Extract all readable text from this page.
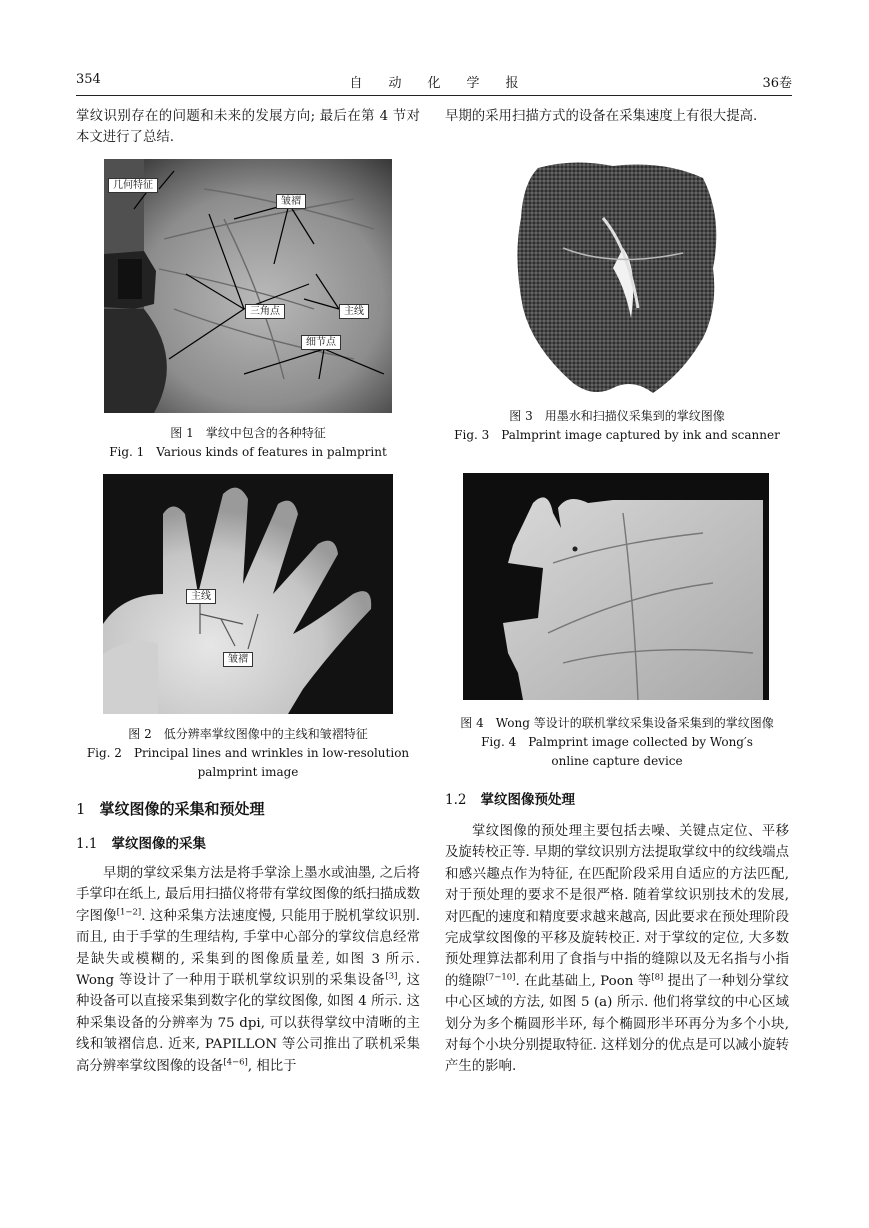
354	自动化学报	36卷

掌纹识别存在的问题和未来的发展方向; 最后在第 4 节对本文进行了总结.

几何特征
皱褶
三角点	主线
细节点
图 1　掌纹中包含的各种特征
Fig. 1　Various kinds of features in palmprint
主线
皱褶
图 2　低分辨率掌纹图像中的主线和皱褶特征
Fig. 2　Principal lines and wrinkles in low-resolution
palmprint image

1 掌纹图像的采集和预处理

1.1 掌纹图像的采集

早期的掌纹采集方法是将手掌涂上墨水或油墨, 之后将手掌印在纸上, 最后用扫描仪将带有掌纹图像的纸扫描成数字图像[1−2]. 这种采集方法速度慢, 只能用于脱机掌纹识别. 而且, 由于手掌的生理结构, 手掌中心部分的掌纹信息经常是缺失或模糊的, 采集到的图像质量差, 如图 3 所示. Wong 等设计了一种用于联机掌纹识别的采集设备[3], 这种设备可以直接采集到数字化的掌纹图像, 如图 4 所示. 这种采集设备的分辨率为 75 dpi, 可以获得掌纹中清晰的主线和皱褶信息. 近来, PAPILLON 等公司推出了联机采集高分辨率掌纹图像的设备[4−6], 相比于

早期的采用扫描方式的设备在采集速度上有很大提高.

图 3　用墨水和扫描仪采集到的掌纹图像
Fig. 3　Palmprint image captured by ink and scanner
图 4　Wong 等设计的联机掌纹采集设备采集到的掌纹图像
Fig. 4　Palmprint image collected by Wong′s
online capture device

1.2 掌纹图像预处理

掌纹图像的预处理主要包括去噪、关键点定位、平移及旋转校正等. 早期的掌纹识别方法提取掌纹中的纹线端点和感兴趣点作为特征, 在匹配阶段采用自适应的方法匹配, 对于预处理的要求不是很严格. 随着掌纹识别技术的发展, 对匹配的速度和精度要求越来越高, 因此要求在预处理阶段完成掌纹图像的平移及旋转校正. 对于掌纹的定位, 大多数预处理算法都利用了食指与中指的缝隙以及无名指与小指的缝隙[7−10]. 在此基础上, Poon 等[8] 提出了一种划分掌纹中心区域的方法, 如图 5 (a) 所示. 他们将掌纹的中心区域划分为多个椭圆形半环, 每个椭圆形半环再分为多个小块, 对每个小块分别提取特征. 这样划分的优点是可以减小旋转产生的影响.
